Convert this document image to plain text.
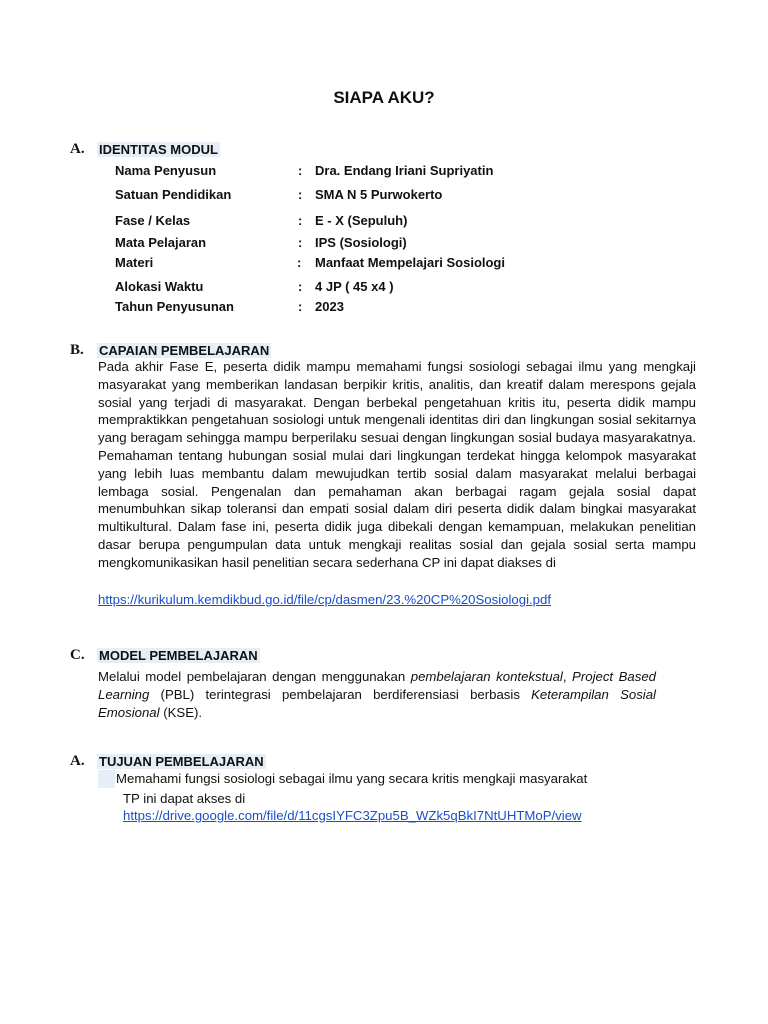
SIAPA AKU?
A. IDENTITAS MODUL
Nama Penyusun	: Dra. Endang Iriani Supriyatin
Satuan Pendidikan	: SMA N 5 Purwokerto
Fase / Kelas	: E - X (Sepuluh)
Mata Pelajaran	: IPS (Sosiologi)
Materi	: Manfaat Mempelajari Sosiologi
Alokasi Waktu	: 4 JP ( 45 x4 )
Tahun Penyusunan	: 2023
B. CAPAIAN PEMBELAJARAN
Pada akhir Fase E, peserta didik mampu memahami fungsi sosiologi sebagai ilmu yang mengkaji masyarakat yang memberikan landasan berpikir kritis, analitis, dan kreatif dalam merespons gejala sosial yang terjadi di masyarakat. Dengan berbekal pengetahuan kritis itu, peserta didik mampu mempraktikkan pengetahuan sosiologi untuk mengenali identitas diri dan lingkungan sosial sekitarnya yang beragam sehingga mampu berperilaku sesuai dengan lingkungan sosial budaya masyarakatnya. Pemahaman tentang hubungan sosial mulai dari lingkungan terdekat hingga kelompok masyarakat yang lebih luas membantu dalam mewujudkan tertib sosial dalam masyarakat melalui berbagai lembaga sosial. Pengenalan dan pemahaman akan berbagai ragam gejala sosial dapat menumbuhkan sikap toleransi dan empati sosial dalam diri peserta didik dalam bingkai masyarakat multikultural. Dalam fase ini, peserta didik juga dibekali dengan kemampuan, melakukan penelitian dasar berupa pengumpulan data untuk mengkaji realitas sosial dan gejala sosial serta mampu mengkomunikasikan hasil penelitian secara sederhana CP ini dapat diakses di
https://kurikulum.kemdikbud.go.id/file/cp/dasmen/23.%20CP%20Sosiologi.pdf
C. MODEL PEMBELAJARAN
Melalui model pembelajaran dengan menggunakan pembelajaran kontekstual, Project Based Learning (PBL) terintegrasi pembelajaran berdiferensiasi berbasis Keterampilan Sosial Emosional (KSE).
A. TUJUAN PEMBELAJARAN
Memahami fungsi sosiologi sebagai ilmu yang secara kritis mengkaji masyarakat
TP ini dapat akses di
https://drive.google.com/file/d/11cgsIYFC3Zpu5B_WZk5qBkI7NtUHTMoP/view
